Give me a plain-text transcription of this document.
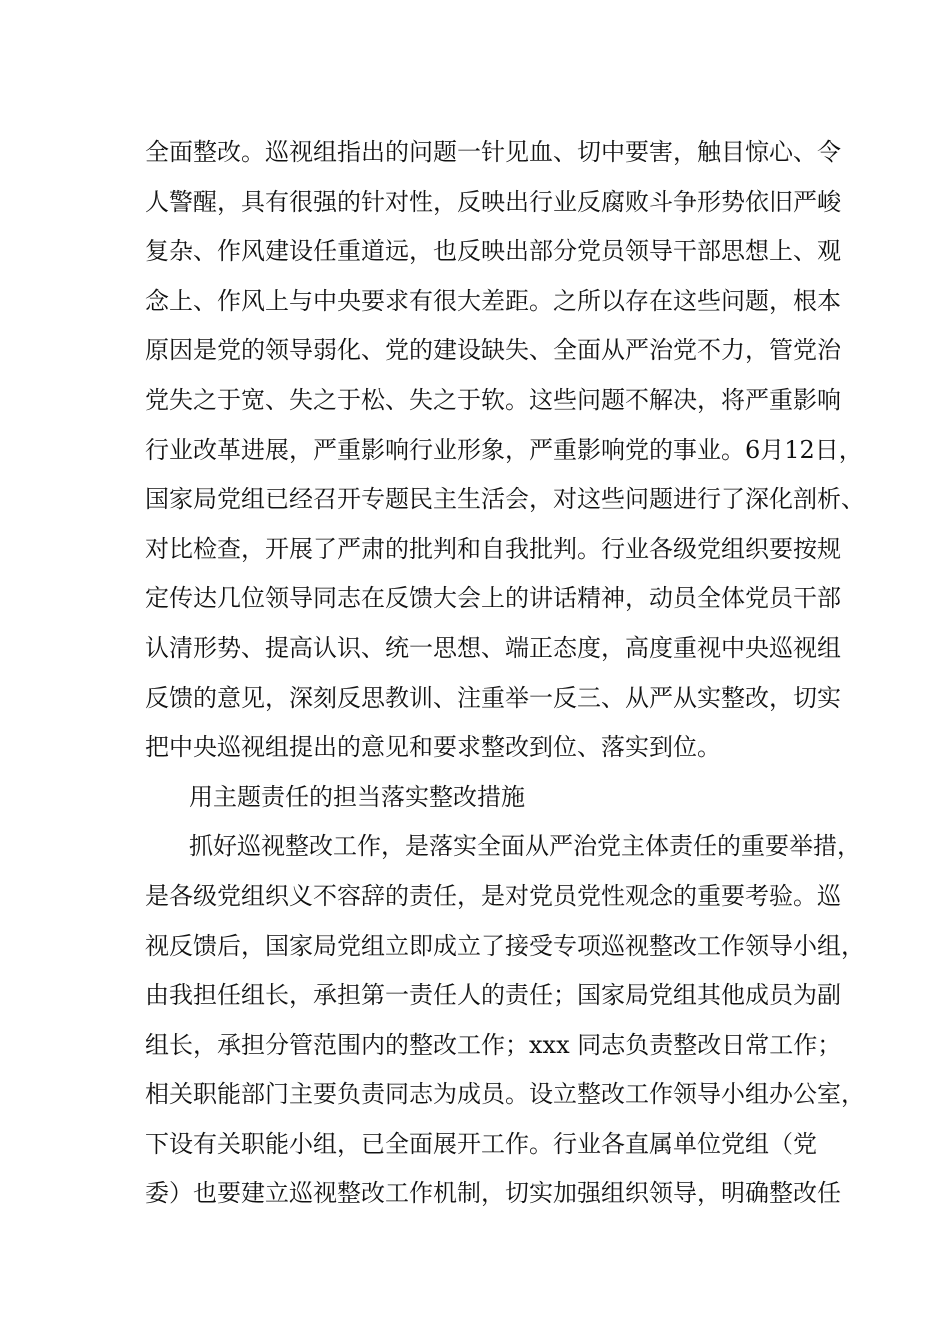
全面整改。巡视组指出的问题一针见血、切中要害，触目惊心、令
人警醒，具有很强的针对性，反映出行业反腐败斗争形势依旧严峻
复杂、作风建设任重道远，也反映出部分党员领导干部思想上、观
念上、作风上与中央要求有很大差距。之所以存在这些问题，根本
原因是党的领导弱化、党的建设缺失、全面从严治党不力，管党治
党失之于宽、失之于松、失之于软。这些问题不解决，将严重影响
行业改革进展，严重影响行业形象，严重影响党的事业。6月12日，
国家局党组已经召开专题民主生活会，对这些问题进行了深化剖析、
对比检查，开展了严肃的批判和自我批判。行业各级党组织要按规
定传达几位领导同志在反馈大会上的讲话精神，动员全体党员干部
认清形势、提高认识、统一思想、端正态度，高度重视中央巡视组
反馈的意见，深刻反思教训、注重举一反三、从严从实整改，切实
把中央巡视组提出的意见和要求整改到位、落实到位。
用主题责任的担当落实整改措施
抓好巡视整改工作，是落实全面从严治党主体责任的重要举措，
是各级党组织义不容辞的责任，是对党员党性观念的重要考验。巡
视反馈后，国家局党组立即成立了接受专项巡视整改工作领导小组，
由我担任组长，承担第一责任人的责任；国家局党组其他成员为副
组长，承担分管范围内的整改工作；xxx 同志负责整改日常工作；
相关职能部门主要负责同志为成员。设立整改工作领导小组办公室，
下设有关职能小组，已全面展开工作。行业各直属单位党组（党
委）也要建立巡视整改工作机制，切实加强组织领导，明确整改任
